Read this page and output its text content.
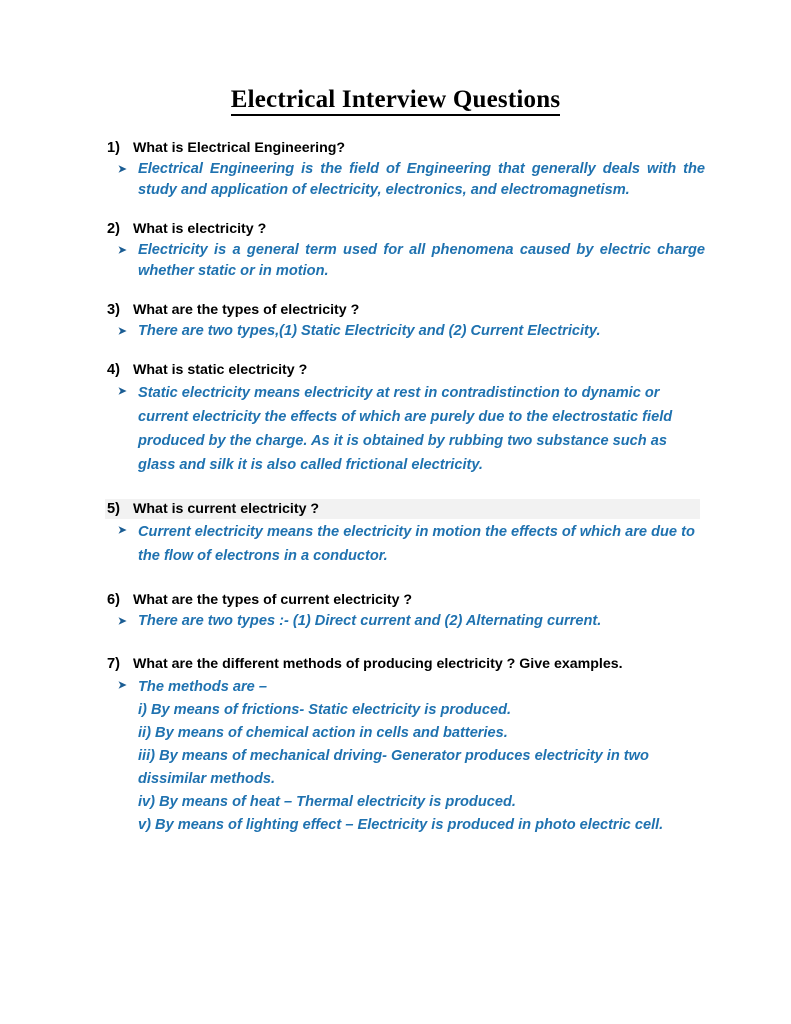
Electrical Interview Questions
1) What is Electrical Engineering?
Electrical Engineering is the field of Engineering that generally deals with the study and application of electricity, electronics, and electromagnetism.
2) What is electricity ?
Electricity is a general term used for all phenomena caused by electric charge whether static or in motion.
3) What are the types of electricity ?
There are two types,(1) Static Electricity and (2) Current Electricity.
4) What is static electricity ?
Static electricity means electricity at rest in contradistinction to dynamic or current electricity the effects of which are purely due to the electrostatic field produced by the charge. As it is obtained by rubbing two substance such as glass and silk it is also called frictional electricity.
5) What is current electricity ?
Current electricity means the electricity in motion the effects of which are due to the flow of electrons in a conductor.
6) What are the types of current electricity ?
There are two types :- (1) Direct current and (2) Alternating current.
7) What are the different methods of producing electricity ? Give examples.
The methods are –
i) By means of frictions- Static electricity is produced.
ii) By means of chemical action in cells and batteries.
iii) By means of mechanical driving- Generator produces electricity in two dissimilar methods.
iv) By means of heat – Thermal electricity is produced.
v) By means of lighting effect – Electricity is produced in photo electric cell.
